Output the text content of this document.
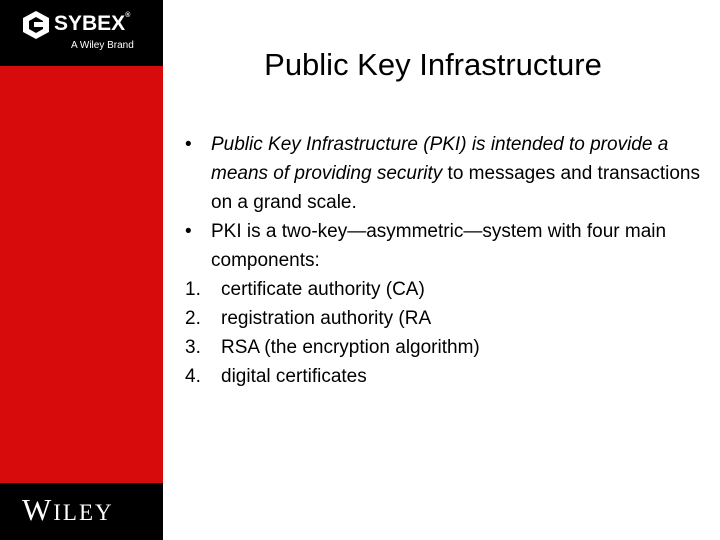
SYBEX®
A Wiley Brand
WILEY
Public Key Infrastructure
•	Public Key Infrastructure (PKI) is intended to provide a means of providing security to messages and transactions on a grand scale.
•	PKI is a two-key—asymmetric—system with four main components:
1.	certificate authority (CA)
2.	registration authority (RA
3.	RSA (the encryption algorithm)
4.	digital certificates
